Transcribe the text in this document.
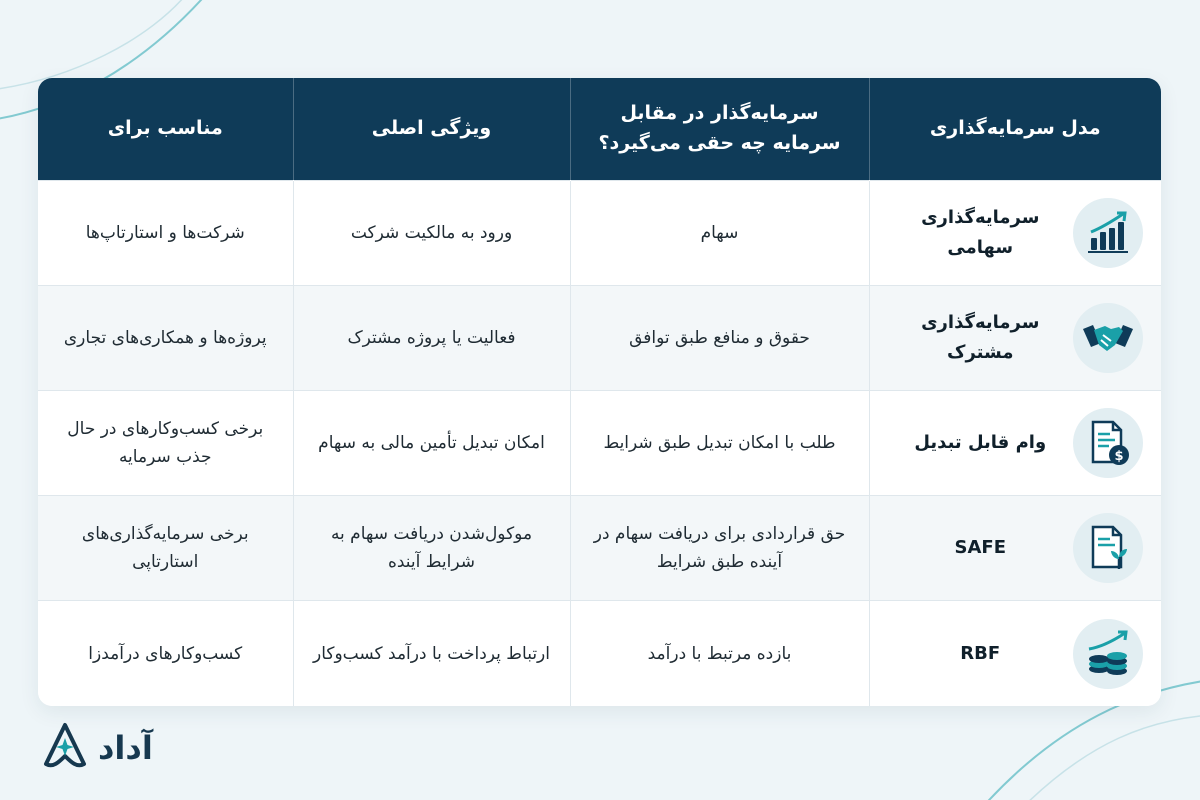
مدل سرمایه‌گذاری	سرمایه‌گذار در مقابل سرمایه چه حقی می‌گیرد؟	ویژگی اصلی	مناسب برای

سرمایه‌گذاری سهامی	سهام	ورود به مالکیت شرکت	شرکت‌ها و استارتاپ‌ها

سرمایه‌گذاری مشترک	حقوق و منافع طبق توافق	فعالیت یا پروژه مشترک	پروژه‌ها و همکاری‌های تجاری

$
وام قابل تبدیل	طلب با امکان تبدیل طبق شرایط	امکان تبدیل تأمین مالی به سهام	برخی کسب‌وکارهای در حال جذب سرمایه

SAFE	حق قراردادی برای دریافت سهام در آینده طبق شرایط	موکول‌شدن دریافت سهام به شرایط آینده	برخی سرمایه‌گذاری‌های استارتاپی

RBF	بازده مرتبط با درآمد	ارتباط پرداخت با درآمد کسب‌وکار	کسب‌وکارهای درآمدزا
آداد
